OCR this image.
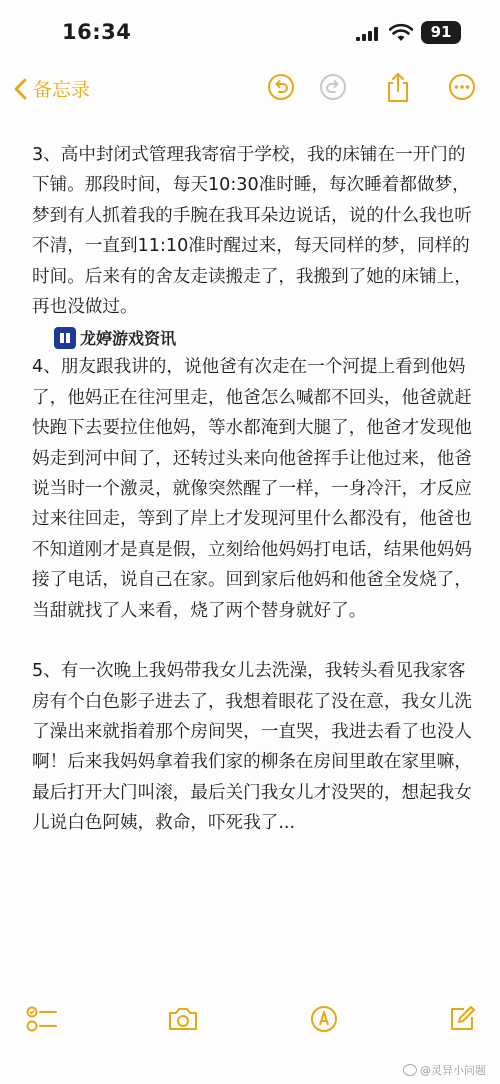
16:34	91
备忘录

3、高中封闭式管理我寄宿于学校，我的床铺在一开门的下铺。那段时间，每天10:30准时睡，每次睡着都做梦，梦到有人抓着我的手腕在我耳朵边说话，说的什么我也听不清，一直到11:10准时醒过来，每天同样的梦，同样的时间。后来有的舍友走读搬走了，我搬到了她的床铺上，再也没做过。

4、朋友跟我讲的，说他爸有次走在一个河提上看到他妈了，他妈正在往河里走，他爸怎么喊都不回头，他爸就赶快跑下去要拉住他妈，等水都淹到大腿了，他爸才发现他妈走到河中间了，还转过头来向他爸挥手让他过来，他爸说当时一个激灵，就像突然醒了一样，一身冷汗，才反应过来往回走，等到了岸上才发现河里什么都没有，他爸也不知道刚才是真是假，立刻给他妈妈打电话，结果他妈妈接了电话，说自己在家。回到家后他妈和他爸全发烧了，当甜就找了人来看，烧了两个替身就好了。

5、有一次晚上我妈带我女儿去洗澡，我转头看见我家客房有个白色影子进去了，我想着眼花了没在意，我女儿洗了澡出来就指着那个房间哭，一直哭，我进去看了也没人啊！后来我妈妈拿着我们家的柳条在房间里敢在家里嘛，最后打开大门叫滚，最后关门我女儿才没哭的，想起我女儿说白色阿姨，救命，吓死我了...

龙婷游戏资讯
@灵异小问题
